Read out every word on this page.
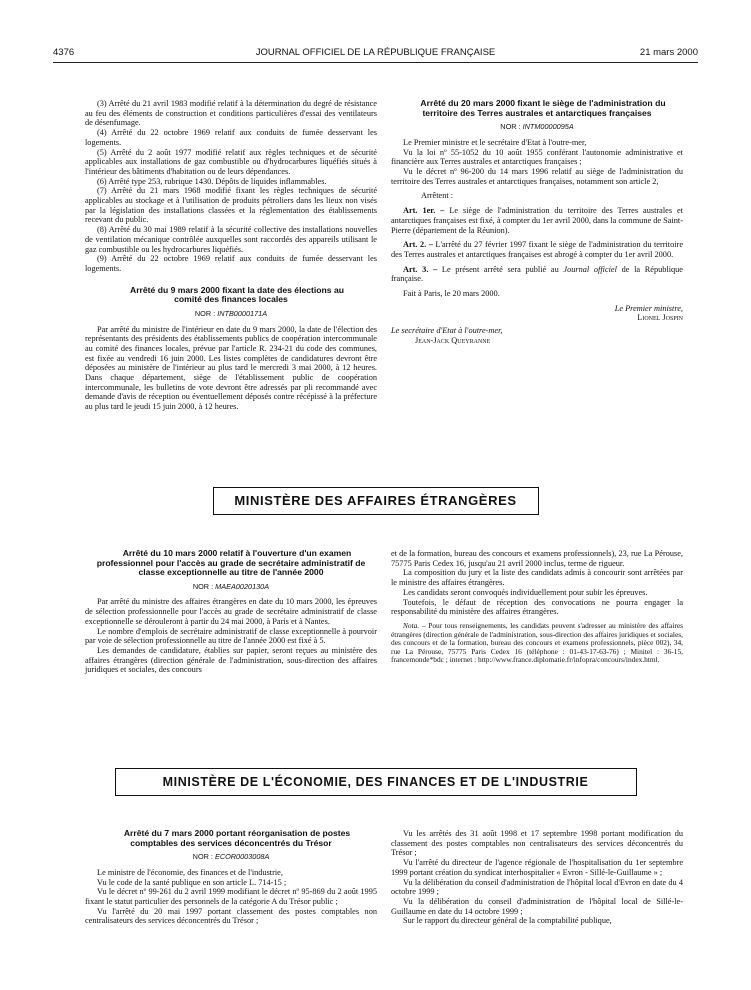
4376	JOURNAL OFFICIEL DE LA RÉPUBLIQUE FRANÇAISE	21 mars 2000

(3) Arrêté du 21 avril 1983 modifié relatif à la détermination du degré de résistance au feu des éléments de construction et conditions particulières d'essai des ventilateurs de désenfumage.

(4) Arrêté du 22 octobre 1969 relatif aux conduits de fumée desservant les logements.

(5) Arrêté du 2 août 1977 modifié relatif aux règles techniques et de sécurité applicables aux installations de gaz combustible ou d'hydrocarbures liquéfiés situés à l'intérieur des bâtiments d'habitation ou de leurs dépendances.

(6) Arrêté type 253, rubrique 1430. Dépôts de liquides inflammables.

(7) Arrêté du 21 mars 1968 modifié fixant les règles techniques de sécurité applicables au stockage et à l'utilisation de produits pétroliers dans les lieux non visés par la législation des installations classées et la réglementation des établissements recevant du public.

(8) Arrêté du 30 mai 1989 relatif à la sécurité collective des installations nouvelles de ventilation mécanique contrôlée auxquelles sont raccordés des appareils utilisant le gaz combustible ou les hydrocarbures liquéfiés.

(9) Arrêté du 22 octobre 1969 relatif aux conduits de fumée desservant les logements.

Arrêté du 9 mars 2000 fixant la date des élections au comité des finances locales

NOR : INTB0000171A

Par arrêté du ministre de l'intérieur en date du 9 mars 2000, la date de l'élection des représentants des présidents des établissements publics de coopération intercommunale au comité des finances locales, prévue par l'article R. 234-21 du code des communes, est fixée au vendredi 16 juin 2000. Les listes complètes de candidatures devront être déposées au ministère de l'intérieur au plus tard le mercredi 3 mai 2000, à 12 heures. Dans chaque département, siège de l'établissement public de coopération intercommunale, les bulletins de vote devront être adressés par pli recommandé avec demande d'avis de réception ou éventuellement déposés contre récépissé à la préfecture au plus tard le jeudi 15 juin 2000, à 12 heures.

Arrêté du 20 mars 2000 fixant le siège de l'administration du territoire des Terres australes et antarctiques françaises

NOR : INTM0000095A

Le Premier ministre et le secrétaire d'Etat à l'outre-mer,

Vu la loi nº 55-1052 du 10 août 1955 conférant l'autonomie administrative et financière aux Terres australes et antarctiques françaises ;

Vu le décret nº 96-200 du 14 mars 1996 relatif au siège de l'administration du territoire des Terres australes et antarctiques françaises, notamment son article 2,

Arrêtent :

Art. 1er. – Le siège de l'administration du territoire des Terres australes et antarctiques françaises est fixé, à compter du 1er avril 2000, dans la commune de Saint-Pierre (département de la Réunion).

Art. 2. – L'arrêté du 27 février 1997 fixant le siège de l'administration du territoire des Terres australes et antarctiques françaises est abrogé à compter du 1er avril 2000.

Art. 3. – Le présent arrêté sera publié au Journal officiel de la République française.

Fait à Paris, le 20 mars 2000.

Le Premier ministre,

Lionel Jospin

Le secrétaire d'Etat à l'outre-mer,

Jean-Jack Queyranne

MINISTÈRE DES AFFAIRES ÉTRANGÈRES

Arrêté du 10 mars 2000 relatif à l'ouverture d'un examen professionnel pour l'accès au grade de secrétaire administratif de classe exceptionnelle au titre de l'année 2000

NOR : MAEA0020130A

Par arrêté du ministre des affaires étrangères en date du 10 mars 2000, les épreuves de sélection professionnelle pour l'accès au grade de secrétaire administratif de classe exceptionnelle se dérouleront à partir du 24 mai 2000, à Paris et à Nantes.

Le nombre d'emplois de secrétaire administratif de classe exceptionnelle à pourvoir par voie de sélection professionnelle au titre de l'année 2000 est fixé à 5.

Les demandes de candidature, établies sur papier, seront reçues au ministère des affaires étrangères (direction générale de l'administration, sous-direction des affaires juridiques et sociales, des concours

et de la formation, bureau des concours et examens professionnels), 23, rue La Pérouse, 75775 Paris Cedex 16, jusqu'au 21 avril 2000 inclus, terme de rigueur.

La composition du jury et la liste des candidats admis à concourir sont arrêtées par le ministre des affaires étrangères.

Les candidats seront convoqués individuellement pour subir les épreuves.

Toutefois, le défaut de réception des convocations ne pourra engager la responsabilité du ministère des affaires étrangères.

Nota. – Pour tous renseignements, les candidats peuvent s'adresser au ministère des affaires étrangères (direction générale de l'administration, sous-direction des affaires juridiques et sociales, des concours et de la formation, bureau des concours et examens professionnels, pièce 002), 34, rue La Pérouse, 75775 Paris Cedex 16 (téléphone : 01-43-17-63-76) ; Minitel : 36-15, francemonde*bdc ; internet : http://www.france.diplomatie.fr/infopra/concours/index.html.

MINISTÈRE DE L'ÉCONOMIE, DES FINANCES ET DE L'INDUSTRIE

Arrêté du 7 mars 2000 portant réorganisation de postes comptables des services déconcentrés du Trésor

NOR : ECOR0003008A

Le ministre de l'économie, des finances et de l'industrie,

Vu le code de la santé publique en son article L. 714-15 ;

Vu le décret nº 99-261 du 2 avril 1999 modifiant le décret nº 95-869 du 2 août 1995 fixant le statut particulier des personnels de la catégorie A du Trésor public ;

Vu l'arrêté du 20 mai 1997 portant classement des postes comptables non centralisateurs des services déconcentrés du Trésor ;

Vu les arrêtés des 31 août 1998 et 17 septembre 1998 portant modification du classement des postes comptables non centralisateurs des services déconcentrés du Trésor ;

Vu l'arrêté du directeur de l'agence régionale de l'hospitalisation du 1er septembre 1999 portant création du syndicat interhospitalier « Evron - Sillé-le-Guillaume » ;

Vu la délibération du conseil d'administration de l'hôpital local d'Evron en date du 4 octobre 1999 ;

Vu la délibération du conseil d'administration de l'hôpital local de Sillé-le-Guillaume en date du 14 octobre 1999 ;

Sur le rapport du directeur général de la comptabilité publique,
